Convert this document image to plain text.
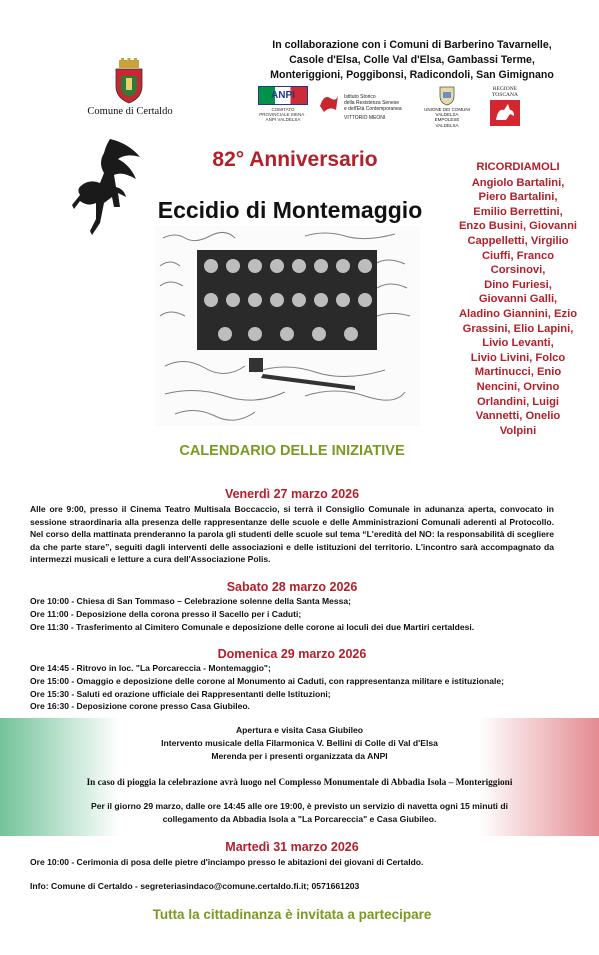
In collaborazione con i Comuni di Barberino Tavarnelle,
Casole d'Elsa, Colle Val d'Elsa, Gambassi Terme,
Monteriggioni, Poggibonsi, Radicondoli, San Gimignano
Comune di Certaldo
ANPI
COMITATO PROVINCIALE SIENA · ANPI VALDELSA
Istituto Storico
della Resistenza Senese
e dell'Età Contemporanea
VITTORIO MEONI
UNIONE DEI COMUNI
VALDELSA
EMPOLESE VALDELSA
REGIONE
TOSCANA
82° Anniversario
Eccidio di Montemaggio
RICORDIAMOLI
Angiolo Bartalini,
Piero Bartalini,
Emilio Berrettini,
Enzo Busini, Giovanni
Cappelletti, Virgilio
Ciuffi, Franco
Corsinovi,
Dino Furiesi,
Giovanni Galli,
Aladino Giannini, Ezio
Grassini, Elio Lapini,
Livio Levanti,
Livio Livini, Folco
Martinucci, Enio
Nencini, Orvino
Orlandini, Luigi
Vannetti, Onelio
Volpini
CALENDARIO DELLE INIZIATIVE
Venerdì 27 marzo 2026
Alle ore 9:00, presso il Cinema Teatro Multisala Boccaccio, si terrà il Consiglio Comunale in adunanza aperta, convocato in sessione straordinaria alla presenza delle rappresentanze delle scuole e delle Amministrazioni Comunali aderenti al Protocollo. Nel corso della mattinata prenderanno la parola gli studenti delle scuole sul tema “L'eredità del NO: la responsabilità di scegliere da che parte stare”, seguiti dagli interventi delle associazioni e delle istituzioni del territorio. L'incontro sarà accompagnato da intermezzi musicali e letture a cura dell'Associazione Polis.
Sabato 28 marzo 2026
Ore 10:00 - Chiesa di San Tommaso – Celebrazione solenne della Santa Messa;
Ore 11:00 - Deposizione della corona presso il Sacello per i Caduti;
Ore 11:30 - Trasferimento al Cimitero Comunale e deposizione delle corone ai loculi dei due Martiri certaldesi.
Domenica 29 marzo 2026
Ore 14:45 - Ritrovo in loc. "La Porcareccia - Montemaggio";
Ore 15:00 - Omaggio e deposizione delle corone al Monumento ai Caduti, con rappresentanza militare e istituzionale;
Ore 15:30 - Saluti ed orazione ufficiale dei Rappresentanti delle Istituzioni;
Ore 16:30 - Deposizione corone presso Casa Giubileo.
Apertura e visita Casa Giubileo
Intervento musicale della Filarmonica V. Bellini di Colle di Val d'Elsa
Merenda per i presenti organizzata da ANPI
In caso di pioggia la celebrazione avrà luogo nel Complesso Monumentale di Abbadia Isola – Monteriggioni
Per il giorno 29 marzo, dalle ore 14:45 alle ore 19:00, è previsto un servizio di navetta ogni 15 minuti di
collegamento da Abbadia Isola a "La Porcareccia" e Casa Giubileo.
Martedì 31 marzo 2026
Ore 10:00 - Cerimonia di posa delle pietre d'inciampo presso le abitazioni dei giovani di Certaldo.
Info: Comune di Certaldo - segreteriasindaco@comune.certaldo.fi.it; 0571661203
Tutta la cittadinanza è invitata a partecipare
